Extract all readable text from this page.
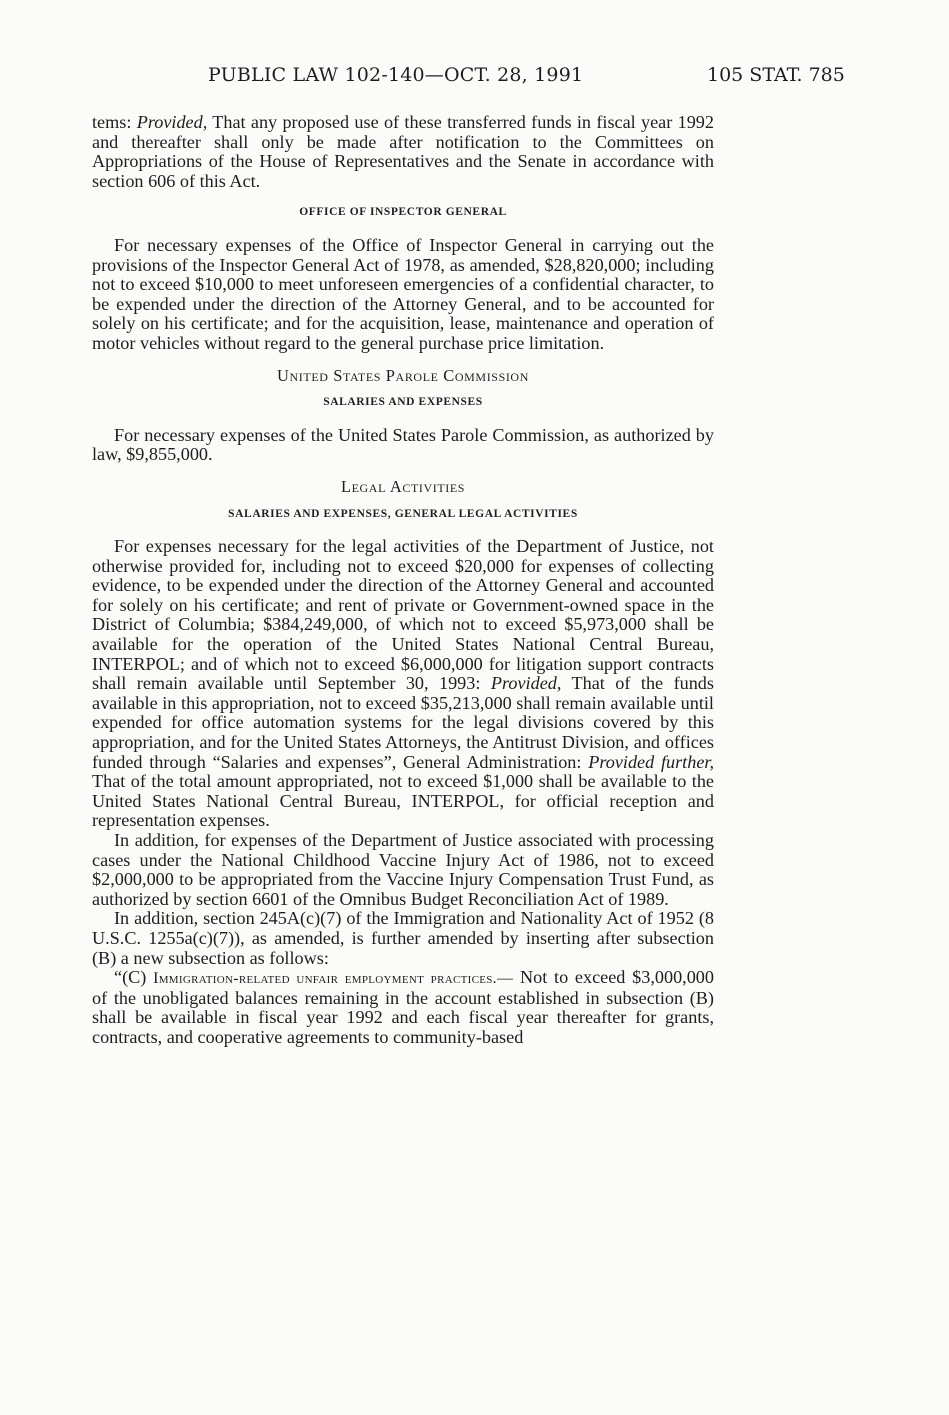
PUBLIC LAW 102-140—OCT. 28, 1991	105 STAT. 785

tems: Provided, That any proposed use of these transferred funds in fiscal year 1992 and thereafter shall only be made after notification to the Committees on Appropriations of the House of Representatives and the Senate in accordance with section 606 of this Act.

OFFICE OF INSPECTOR GENERAL

For necessary expenses of the Office of Inspector General in carrying out the provisions of the Inspector General Act of 1978, as amended, $28,820,000; including not to exceed $10,000 to meet unforeseen emergencies of a confidential character, to be expended under the direction of the Attorney General, and to be accounted for solely on his certificate; and for the acquisition, lease, maintenance and operation of motor vehicles without regard to the general purchase price limitation.

United States Parole Commission
SALARIES AND EXPENSES

For necessary expenses of the United States Parole Commission, as authorized by law, $9,855,000.

Legal Activities
SALARIES AND EXPENSES, GENERAL LEGAL ACTIVITIES

For expenses necessary for the legal activities of the Department of Justice, not otherwise provided for, including not to exceed $20,000 for expenses of collecting evidence, to be expended under the direction of the Attorney General and accounted for solely on his certificate; and rent of private or Government-owned space in the District of Columbia; $384,249,000, of which not to exceed $5,973,000 shall be available for the operation of the United States National Central Bureau, INTERPOL; and of which not to exceed $6,000,000 for litigation support contracts shall remain available until September 30, 1993: Provided, That of the funds available in this appropriation, not to exceed $35,213,000 shall remain available until expended for office automation systems for the legal divisions covered by this appropriation, and for the United States Attorneys, the Antitrust Division, and offices funded through “Salaries and expenses”, General Administration: Provided further, That of the total amount appropriated, not to exceed $1,000 shall be available to the United States National Central Bureau, INTERPOL, for official reception and representation expenses.

In addition, for expenses of the Department of Justice associated with processing cases under the National Childhood Vaccine Injury Act of 1986, not to exceed $2,000,000 to be appropriated from the Vaccine Injury Compensation Trust Fund, as authorized by section 6601 of the Omnibus Budget Reconciliation Act of 1989.

In addition, section 245A(c)(7) of the Immigration and Nationality Act of 1952 (8 U.S.C. 1255a(c)(7)), as amended, is further amended by inserting after subsection (B) a new subsection as follows:

“(C) Immigration-related unfair employment practices.— Not to exceed $3,000,000 of the unobligated balances remaining in the account established in subsection (B) shall be available in fiscal year 1992 and each fiscal year thereafter for grants, contracts, and cooperative agreements to community-based
